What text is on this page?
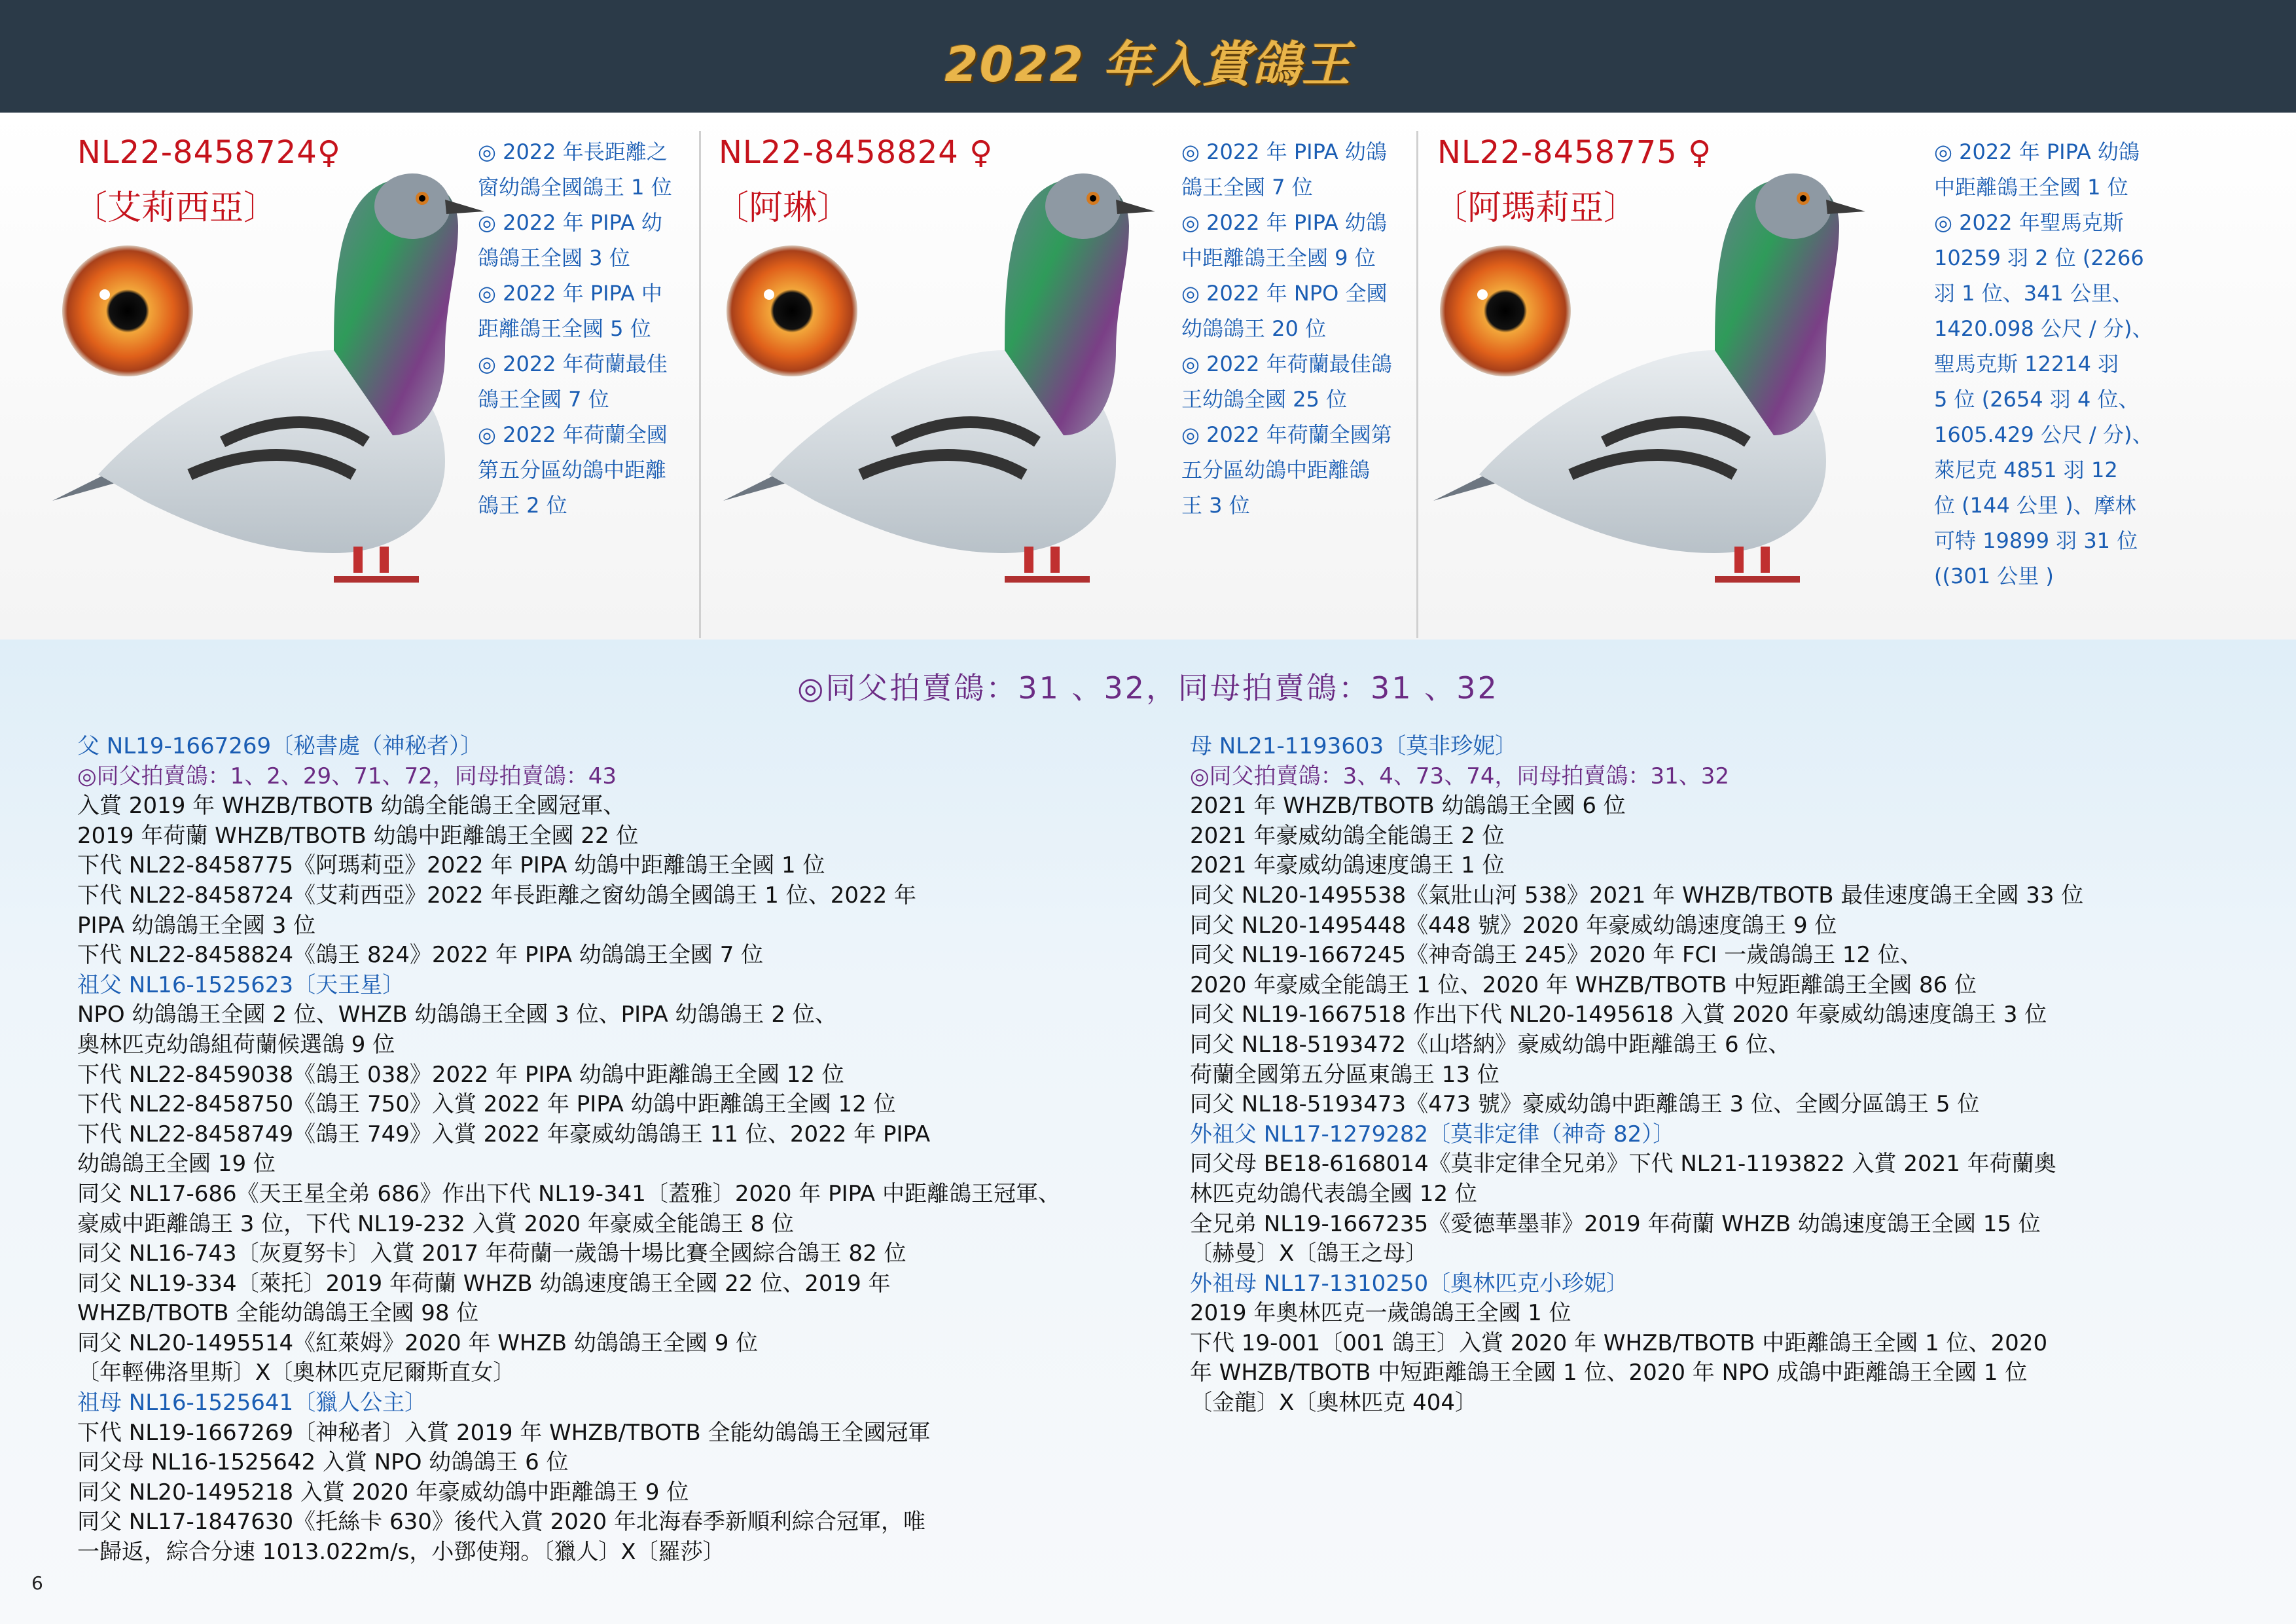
2022 年入賞鴿王
NL22-8458724♀
〔艾莉西亞〕
◎ 2022 年長距離之
窗幼鴿全國鴿王 1 位
◎ 2022 年 PIPA 幼
鴿鴿王全國 3 位
◎ 2022 年 PIPA 中
距離鴿王全國 5 位
◎ 2022 年荷蘭最佳
鴿王全國 7 位
◎ 2022 年荷蘭全國
第五分區幼鴿中距離
鴿王 2 位
NL22-8458824 ♀
〔阿琳〕
◎ 2022 年 PIPA 幼鴿
鴿王全國 7 位
◎ 2022 年 PIPA 幼鴿
中距離鴿王全國 9 位
◎ 2022 年 NPO 全國
幼鴿鴿王 20 位
◎ 2022 年荷蘭最佳鴿
王幼鴿全國 25 位
◎ 2022 年荷蘭全國第
五分區幼鴿中距離鴿
王 3 位
NL22-8458775 ♀
〔阿瑪莉亞〕
◎ 2022 年 PIPA 幼鴿
中距離鴿王全國 1 位
◎ 2022 年聖馬克斯
10259 羽 2 位 (2266
羽 1 位、341 公里、
1420.098 公尺 / 分)、
聖馬克斯 12214 羽
5 位 (2654 羽 4 位、
1605.429 公尺 / 分)、
萊尼克 4851 羽 12
位 (144 公里 )、摩林
可特 19899 羽 31 位
((301 公里 )
◎同父拍賣鴿：31 、32，同母拍賣鴿：31 、32
父 NL19-1667269〔秘書處（神秘者）〕
◎同父拍賣鴿：1、2、29、71、72，同母拍賣鴿：43
入賞 2019 年 WHZB/TBOTB 幼鴿全能鴿王全國冠軍、
2019 年荷蘭 WHZB/TBOTB 幼鴿中距離鴿王全國 22 位
下代 NL22-8458775《阿瑪莉亞》2022 年 PIPA 幼鴿中距離鴿王全國 1 位
下代 NL22-8458724《艾莉西亞》2022 年長距離之窗幼鴿全國鴿王 1 位、2022 年
PIPA 幼鴿鴿王全國 3 位
下代 NL22-8458824《鴿王 824》2022 年 PIPA 幼鴿鴿王全國 7 位
祖父 NL16-1525623〔天王星〕
NPO 幼鴿鴿王全國 2 位、WHZB 幼鴿鴿王全國 3 位、PIPA 幼鴿鴿王 2 位、
奧林匹克幼鴿組荷蘭候選鴿 9 位
下代 NL22-8459038《鴿王 038》2022 年 PIPA 幼鴿中距離鴿王全國 12 位
下代 NL22-8458750《鴿王 750》入賞 2022 年 PIPA 幼鴿中距離鴿王全國 12 位
下代 NL22-8458749《鴿王 749》入賞 2022 年豪威幼鴿鴿王 11 位、2022 年 PIPA
幼鴿鴿王全國 19 位
同父 NL17-686《天王星全弟 686》作出下代 NL19-341〔蓋雅〕2020 年 PIPA 中距離鴿王冠軍、
豪威中距離鴿王 3 位，下代 NL19-232 入賞 2020 年豪威全能鴿王 8 位
同父 NL16-743〔灰夏努卡〕入賞 2017 年荷蘭一歲鴿十場比賽全國綜合鴿王 82 位
同父 NL19-334〔萊托〕2019 年荷蘭 WHZB 幼鴿速度鴿王全國 22 位、2019 年
WHZB/TBOTB 全能幼鴿鴿王全國 98 位
同父 NL20-1495514《紅萊姆》2020 年 WHZB 幼鴿鴿王全國 9 位
〔年輕佛洛里斯〕X〔奧林匹克尼爾斯直女〕
祖母 NL16-1525641〔獵人公主〕
下代 NL19-1667269〔神秘者〕入賞 2019 年 WHZB/TBOTB 全能幼鴿鴿王全國冠軍
同父母 NL16-1525642 入賞 NPO 幼鴿鴿王 6 位
同父 NL20-1495218 入賞 2020 年豪威幼鴿中距離鴿王 9 位
同父 NL17-1847630《托絲卡 630》後代入賞 2020 年北海春季新順利綜合冠軍，唯
一歸返，綜合分速 1013.022m/s，小鄧使翔。〔獵人〕X〔羅莎〕
母 NL21-1193603〔莫非珍妮〕
◎同父拍賣鴿：3、4、73、74，同母拍賣鴿：31、32
2021 年 WHZB/TBOTB 幼鴿鴿王全國 6 位
2021 年豪威幼鴿全能鴿王 2 位
2021 年豪威幼鴿速度鴿王 1 位
同父 NL20-1495538《氣壯山河 538》2021 年 WHZB/TBOTB 最佳速度鴿王全國 33 位
同父 NL20-1495448《448 號》2020 年豪威幼鴿速度鴿王 9 位
同父 NL19-1667245《神奇鴿王 245》2020 年 FCI 一歲鴿鴿王 12 位、
2020 年豪威全能鴿王 1 位、2020 年 WHZB/TBOTB 中短距離鴿王全國 86 位
同父 NL19-1667518 作出下代 NL20-1495618 入賞 2020 年豪威幼鴿速度鴿王 3 位
同父 NL18-5193472《山塔納》豪威幼鴿中距離鴿王 6 位、
荷蘭全國第五分區東鴿王 13 位
同父 NL18-5193473《473 號》豪威幼鴿中距離鴿王 3 位、全國分區鴿王 5 位
外祖父 NL17-1279282〔莫非定律（神奇 82）〕
同父母 BE18-6168014《莫非定律全兄弟》下代 NL21-1193822 入賞 2021 年荷蘭奧
林匹克幼鴿代表鴿全國 12 位
全兄弟 NL19-1667235《愛德華墨菲》2019 年荷蘭 WHZB 幼鴿速度鴿王全國 15 位
〔赫曼〕X〔鴿王之母〕
外祖母 NL17-1310250〔奧林匹克小珍妮〕
2019 年奧林匹克一歲鴿鴿王全國 1 位
下代 19-001〔001 鴿王〕入賞 2020 年 WHZB/TBOTB 中距離鴿王全國 1 位、2020
年 WHZB/TBOTB 中短距離鴿王全國 1 位、2020 年 NPO 成鴿中距離鴿王全國 1 位
〔金龍〕X〔奧林匹克 404〕
6
